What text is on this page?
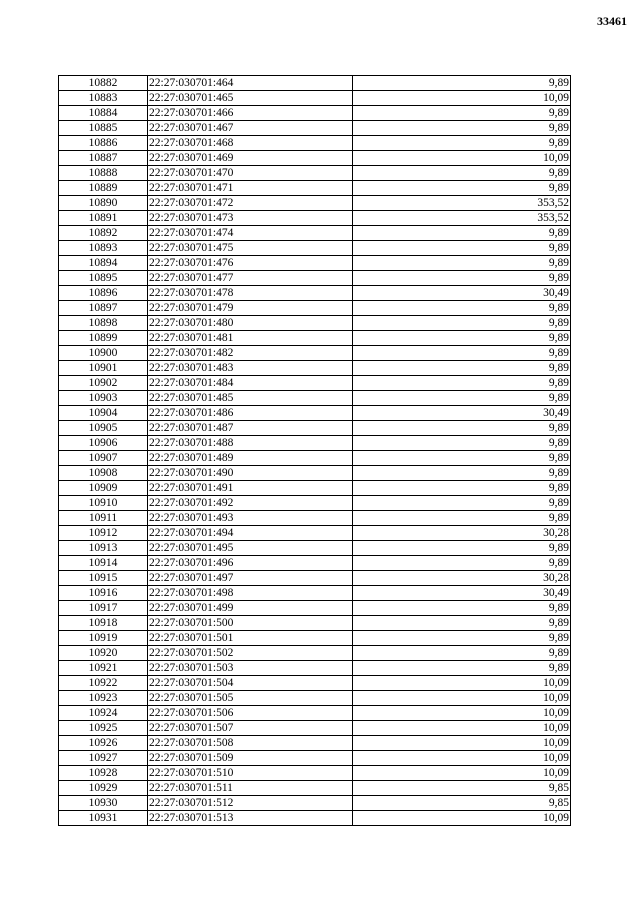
33461
10882	22:27:030701:464	9,89
10883	22:27:030701:465	10,09
10884	22:27:030701:466	9,89
10885	22:27:030701:467	9,89
10886	22:27:030701:468	9,89
10887	22:27:030701:469	10,09
10888	22:27:030701:470	9,89
10889	22:27:030701:471	9,89
10890	22:27:030701:472	353,52
10891	22:27:030701:473	353,52
10892	22:27:030701:474	9,89
10893	22:27:030701:475	9,89
10894	22:27:030701:476	9,89
10895	22:27:030701:477	9,89
10896	22:27:030701:478	30,49
10897	22:27:030701:479	9,89
10898	22:27:030701:480	9,89
10899	22:27:030701:481	9,89
10900	22:27:030701:482	9,89
10901	22:27:030701:483	9,89
10902	22:27:030701:484	9,89
10903	22:27:030701:485	9,89
10904	22:27:030701:486	30,49
10905	22:27:030701:487	9,89
10906	22:27:030701:488	9,89
10907	22:27:030701:489	9,89
10908	22:27:030701:490	9,89
10909	22:27:030701:491	9,89
10910	22:27:030701:492	9,89
10911	22:27:030701:493	9,89
10912	22:27:030701:494	30,28
10913	22:27:030701:495	9,89
10914	22:27:030701:496	9,89
10915	22:27:030701:497	30,28
10916	22:27:030701:498	30,49
10917	22:27:030701:499	9,89
10918	22:27:030701:500	9,89
10919	22:27:030701:501	9,89
10920	22:27:030701:502	9,89
10921	22:27:030701:503	9,89
10922	22:27:030701:504	10,09
10923	22:27:030701:505	10,09
10924	22:27:030701:506	10,09
10925	22:27:030701:507	10,09
10926	22:27:030701:508	10,09
10927	22:27:030701:509	10,09
10928	22:27:030701:510	10,09
10929	22:27:030701:511	9,85
10930	22:27:030701:512	9,85
10931	22:27:030701:513	10,09
